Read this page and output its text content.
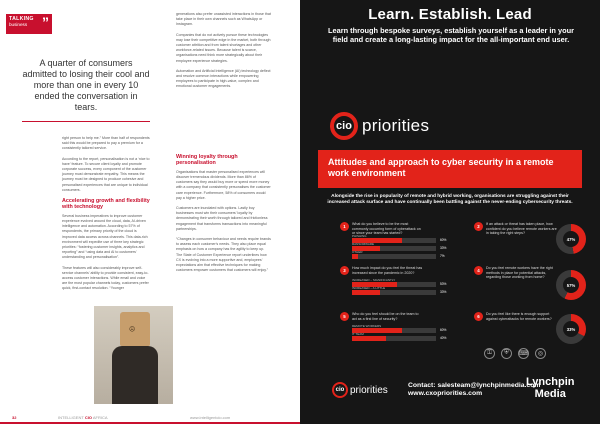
TALKING
business	”
A quarter of consumers admitted to losing their cool and more than one in every 10 ended the conversation in tears.

right person to help me.” More than half of respondents said this would be prepared to pay a premium for a consistently tailored service.

According to the report, personalisation is not a ‘nice to have’ feature. To secure client loyalty and promote corporate success, every component of the customer journey must demonstrate empathy. This means the journey must be designed to produce cohesive and personalised experiences that are unique to individual consumers.

Accelerating growth and flexibility with technology

Several business imperatives to improve customer experience evolved around the cloud, data, AI-driven intelligence and automation. According to 57% of respondents, the primary priority of the cloud is improved data access across channels. This data-rich environment will expedite use of three key strategic priorities: “fostering customer insights, analytics and reporting” and “using data and AI to customers' understanding and personalisation”.

These features will also considerably improve self-service channels' ability to provide consistent, easy-to-access customer interactions. While email and voice are the most popular channels today, customers prefer quick, first-contact resolution. “Younger

generations also prefer unassisted interactions in those that take place in their own channels such as WhatsApp or Instagram.

Companies that do not actively pursue these technologies may lose their competitive edge in the market, both through customer attrition and from talent shortages and other workforce-related issues. Because talent is scarce, organisations need think more strategically about their employee experience strategies.

Automation and Artificial Intelligence (AI) technology deflect and resolve common interactions while empowering employees to participate in high-value, complex and emotional customer engagements.

Winning loyalty through personalisation

Organisations that master personalised experiences will discover tremendous dividends. More than 86% of customers say they would buy more or spend more money with a company that consistently personalises the customer care experience. Furthermore, 58% of consumers would pay a higher price.

Customers are inundated with options. Lastly buy businesses must win their consumers' loyalty by demonstrating their worth through tailored and frictionless engagement that transforms transactions into meaningful partnerships.

“Changes in consumer behaviour and needs require brands to assess each customer's needs. They also place equal emphasis on how a company has the agility to keep up. The State of Customer Experience report underlines how CX is evolving into a more supportive and, employees' expectations aim that effective techniques for making customers empower customers that customers will enjoy.”

☹
32	INTELLIGENT CIO AFRICA	www.intelligentcio.com
Learn. Establish. Lead
Learn through bespoke surveys, establish yourself as a leader in your field and create a long-lasting impact for the all-important end user.
cio priorities
Attitudes and approach to cyber security in a remote work environment
Alongside the rise in popularity of remote and hybrid working, organisations are struggling against their increased attack surface and have continually been battling against the never-ending cybersecurity threats.
1	What do you believe to be the most commonly occurring form of cyberattack on or since your team has started?
PHISHING
60%
RANSOMWARE
33%
OTHER
7%
2	If an attack or threat has taken place, how confident do you believe remote workers are in taking the right steps?
47%
3	How much impact do you feel the threat has increased since the pandemic in 2020?
INCREASED – SIGNIFICANTLY
53%
INCREASED – A LITTLE
33%
4	Do you feel remote workers have the right methods in place for potential attacks, regarding those working from home?
57%
5	Who do you feel should be on the team to act as a first line of security?
REMOTE WORKERS
60%
IT TEAM
40%
6	Do you feel like there is enough support against cyberattacks for remote workers?
33%
⚿	⛨	⌨	◎
cio priorities	Contact: salesteam@lynchpinmedia.com
www.cxopriorities.com
Lynchpin
Media
